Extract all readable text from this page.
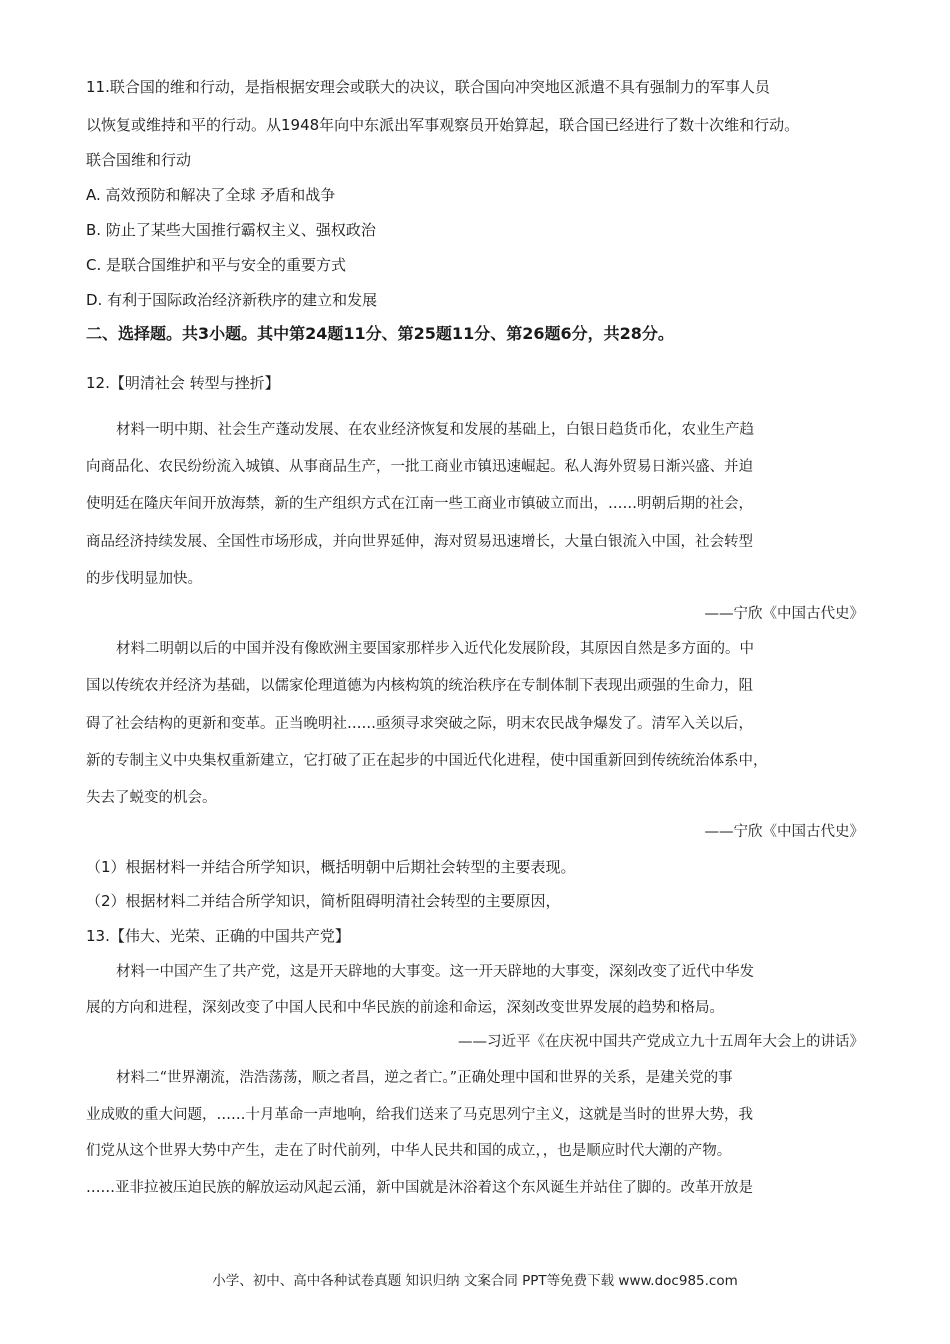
11.联合国的维和行动，是指根据安理会或联大的决议，联合国向冲突地区派遣不具有强制力的军事人员
以恢复或维持和平的行动。从1948年向中东派出军事观察员开始算起，联合国已经进行了数十次维和行动。
联合国维和行动
A. 高效预防和解决了全球 矛盾和战争
B. 防止了某些大国推行霸权主义、强权政治
C. 是联合国维护和平与安全的重要方式
D. 有利于国际政治经济新秩序的建立和发展
二、选择题。共3小题。其中第24题11分、第25题11分、第26题6分，共28分。
12.【明清社会 转型与挫折】
材料一明中期、社会生产蓬动发展、在农业经济恢复和发展的基础上，白银日趋货币化，农业生产趋
向商品化、农民纷纷流入城镇、从事商品生产，一批工商业市镇迅速崛起。私人海外贸易日渐兴盛、并迫
使明廷在隆庆年间开放海禁，新的生产组织方式在江南一些工商业市镇破立而出，……明朝后期的社会，
商品经济持续发展、全国性市场形成，并向世界延伸，海对贸易迅速增长，大量白银流入中国，社会转型
的步伐明显加快。
——宁欣《中国古代史》
材料二明朝以后的中国并没有像欧洲主要国家那样步入近代化发展阶段，其原因自然是多方面的。中
国以传统农并经济为基础，以儒家伦理道德为内核构筑的统治秩序在专制体制下表现出顽强的生命力，阻
碍了社会结构的更新和变革。正当晚明社……亟须寻求突破之际，明末农民战争爆发了。清军入关以后，
新的专制主义中央集权重新建立，它打破了正在起步的中国近代化进程，使中国重新回到传统统治体系中，
失去了蜕变的机会。
——宁欣《中国古代史》
（1）根据材料一并结合所学知识，概括明朝中后期社会转型的主要表现。
（2）根据材料二并结合所学知识，简析阻碍明清社会转型的主要原因，
13.【伟大、光荣、正确的中国共产党】
材料一中国产生了共产党，这是开天辟地的大事变。这一开天辟地的大事变，深刻改变了近代中华发
展的方向和进程，深刻改变了中国人民和中华民族的前途和命运，深刻改变世界发展的趋势和格局。
——习近平《在庆祝中国共产党成立九十五周年大会上的讲话》
材料二“世界潮流，浩浩荡荡，顺之者昌，逆之者亡。”正确处理中国和世界的关系，是建关党的事
业成败的重大问题，……十月革命一声地响，给我们送来了马克思列宁主义，这就是当时的世界大势，我
们党从这个世界大势中产生，走在了时代前列，中华人民共和国的成立，，也是顺应时代大潮的产物。
……亚非拉被压迫民族的解放运动风起云涌，新中国就是沐浴着这个东风诞生并站住了脚的。改革开放是
小学、初中、高中各种试卷真题 知识归纳 文案合同 PPT等免费下载 www.doc985.com
